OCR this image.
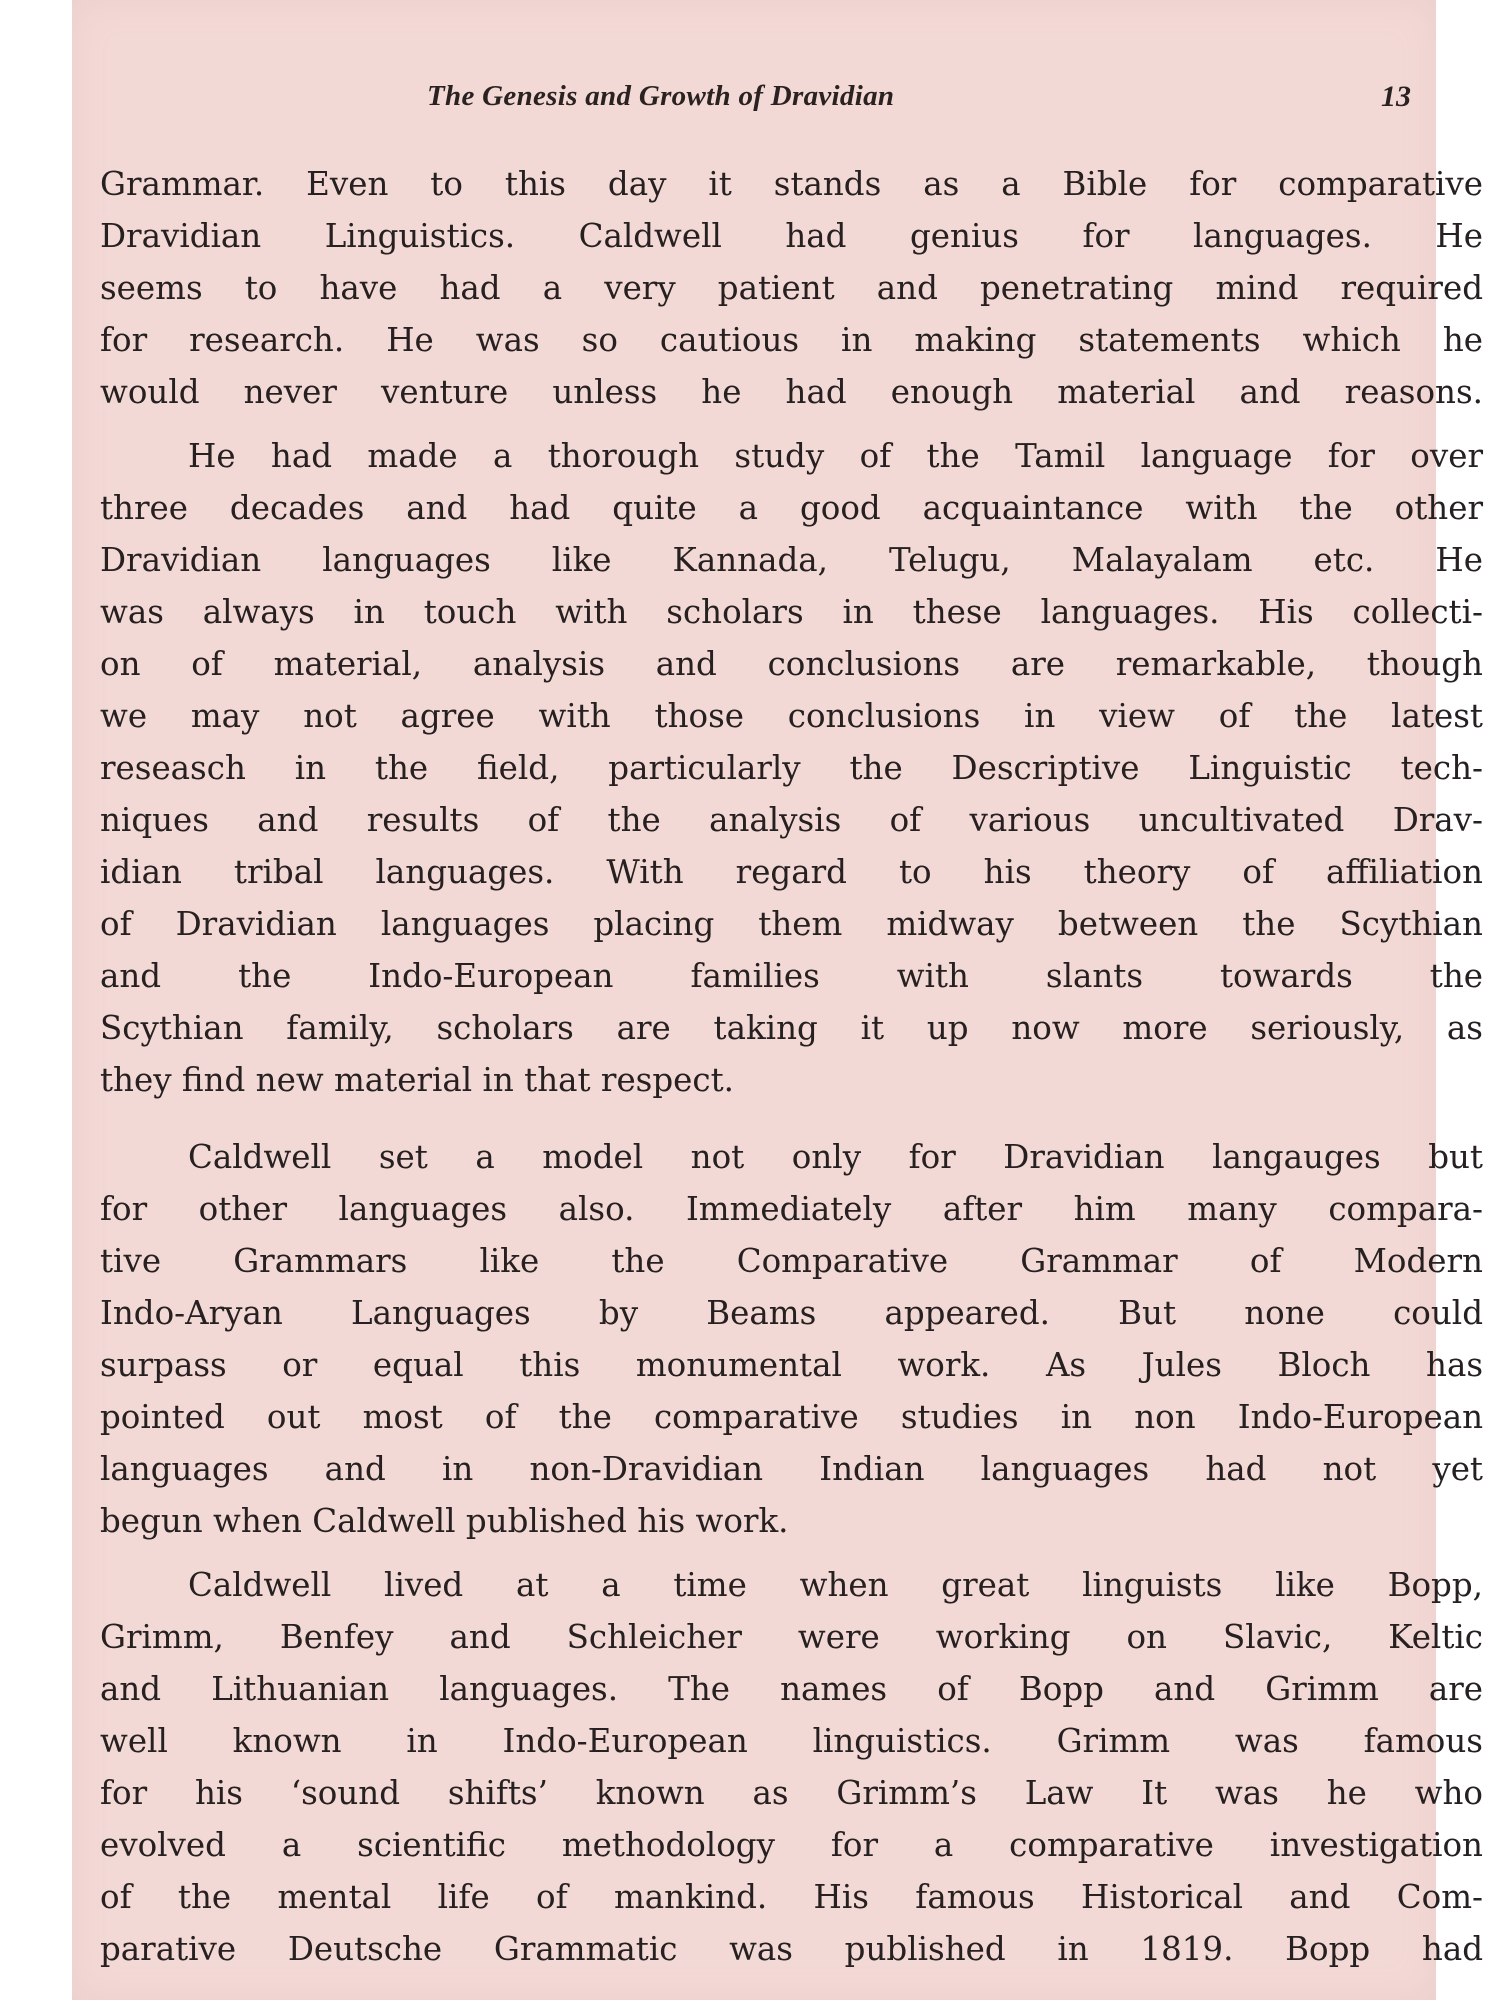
The Genesis and Growth of Dravidian	13
Grammar. Even to this day it stands as a Bible for comparative
Dravidian Linguistics. Caldwell had genius for languages. He
seems to have had a very patient and penetrating mind required
for research. He was so cautious in making statements which he
would never venture unless he had enough material and reasons.
He had made a thorough study of the Tamil language for over
three decades and had quite a good acquaintance with the other
Dravidian languages like Kannada, Telugu, Malayalam etc. He
was always in touch with scholars in these languages. His collecti-
on of material, analysis and conclusions are remarkable, though
we may not agree with those conclusions in view of the latest
reseasch in the field, particularly the Descriptive Linguistic tech-
niques and results of the analysis of various uncultivated Drav-
idian tribal languages. With regard to his theory of affiliation
of Dravidian languages placing them midway between the Scythian
and the Indo-European families with slants towards the
Scythian family, scholars are taking it up now more seriously, as
they find new material in that respect.
Caldwell set a model not only for Dravidian langauges but
for other languages also. Immediately after him many compara-
tive Grammars like the Comparative Grammar of Modern
Indo-Aryan Languages by Beams appeared. But none could
surpass or equal this monumental work. As Jules Bloch has
pointed out most of the comparative studies in non Indo-European
languages and in non-Dravidian Indian languages had not yet
begun when Caldwell published his work.
Caldwell lived at a time when great linguists like Bopp,
Grimm, Benfey and Schleicher were working on Slavic, Keltic
and Lithuanian languages. The names of Bopp and Grimm are
well known in Indo-European linguistics. Grimm was famous
for his ‘sound shifts’ known as Grimm’s Law It was he who
evolved a scientific methodology for a comparative investigation
of the mental life of mankind. His famous Historical and Com-
parative Deutsche Grammatic was published in 1819. Bopp had
